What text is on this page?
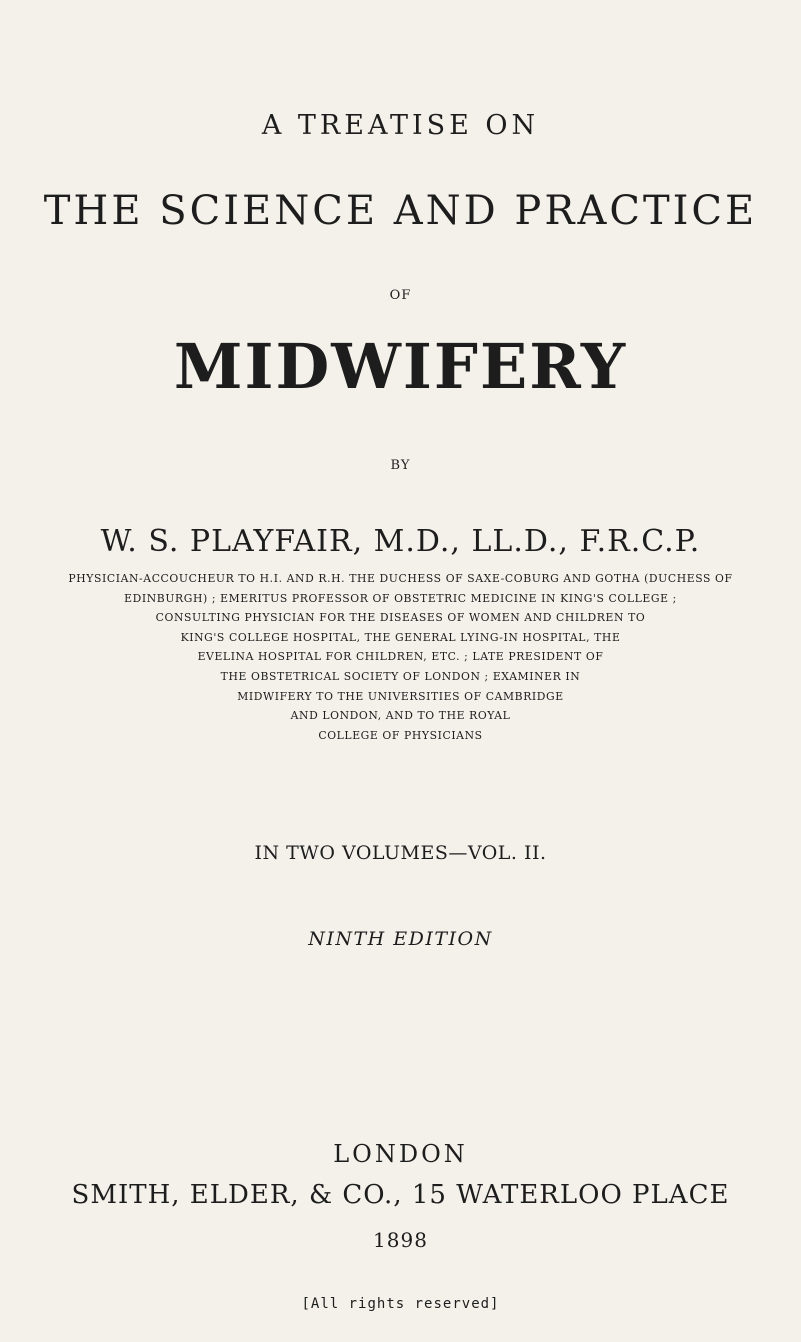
A TREATISE ON
THE SCIENCE AND PRACTICE
OF
MIDWIFERY
BY
W. S. PLAYFAIR, M.D., LL.D., F.R.C.P.
PHYSICIAN-ACCOUCHEUR TO H.I. AND R.H. THE DUCHESS OF SAXE-COBURG AND GOTHA (DUCHESS OF
EDINBURGH) ; EMERITUS PROFESSOR OF OBSTETRIC MEDICINE IN KING'S COLLEGE ;
CONSULTING PHYSICIAN FOR THE DISEASES OF WOMEN AND CHILDREN TO
KING'S COLLEGE HOSPITAL, THE GENERAL LYING-IN HOSPITAL, THE
EVELINA HOSPITAL FOR CHILDREN, ETC. ; LATE PRESIDENT OF
THE OBSTETRICAL SOCIETY OF LONDON ; EXAMINER IN
MIDWIFERY TO THE UNIVERSITIES OF CAMBRIDGE
AND LONDON, AND TO THE ROYAL
COLLEGE OF PHYSICIANS
IN TWO VOLUMES—VOL. II.
NINTH EDITION
LONDON
SMITH, ELDER, & CO., 15 WATERLOO PLACE
1898
[All rights reserved]
